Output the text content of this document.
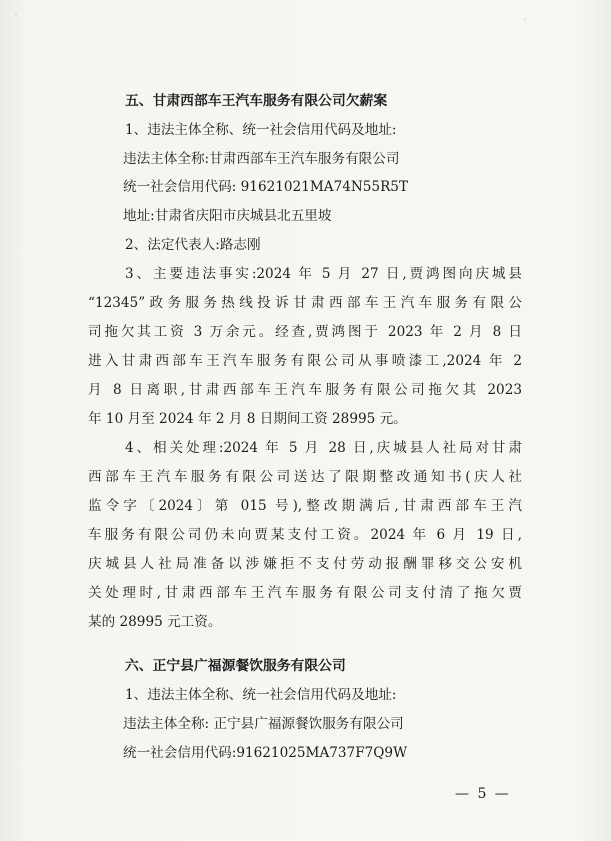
五、甘肃西部车王汽车服务有限公司欠薪案
1、违法主体全称、统一社会信用代码及地址:
违法主体全称:甘肃西部车王汽车服务有限公司
统一社会信用代码: 91621021MA74N55R5T
地址:甘肃省庆阳市庆城县北五里坡
2、法定代表人:路志刚
3、主要违法事实:2024 年 5 月 27 日,贾鸿图向庆城县
“12345”政务服务热线投诉甘肃西部车王汽车服务有限公
司拖欠其工资 3 万余元。经查,贾鸿图于 2023 年 2 月 8 日
进入甘肃西部车王汽车服务有限公司从事喷漆工,2024 年 2
月 8 日离职,甘肃西部车王汽车服务有限公司拖欠其 2023
年 10 月至 2024 年 2 月 8 日期间工资 28995 元。
4、相关处理:2024 年 5 月 28 日,庆城县人社局对甘肃
西部车王汽车服务有限公司送达了限期整改通知书(庆人社
监令字〔2024〕第 015 号),整改期满后,甘肃西部车王汽
车服务有限公司仍未向贾某支付工资。2024 年 6 月 19 日,
庆城县人社局准备以涉嫌拒不支付劳动报酬罪移交公安机
关处理时,甘肃西部车王汽车服务有限公司支付清了拖欠贾
某的 28995 元工资。
六、正宁县广福源餐饮服务有限公司
1、违法主体全称、统一社会信用代码及地址:
违法主体全称: 正宁县广福源餐饮服务有限公司
统一社会信用代码:91621025MA737F7Q9W
— 5 —
